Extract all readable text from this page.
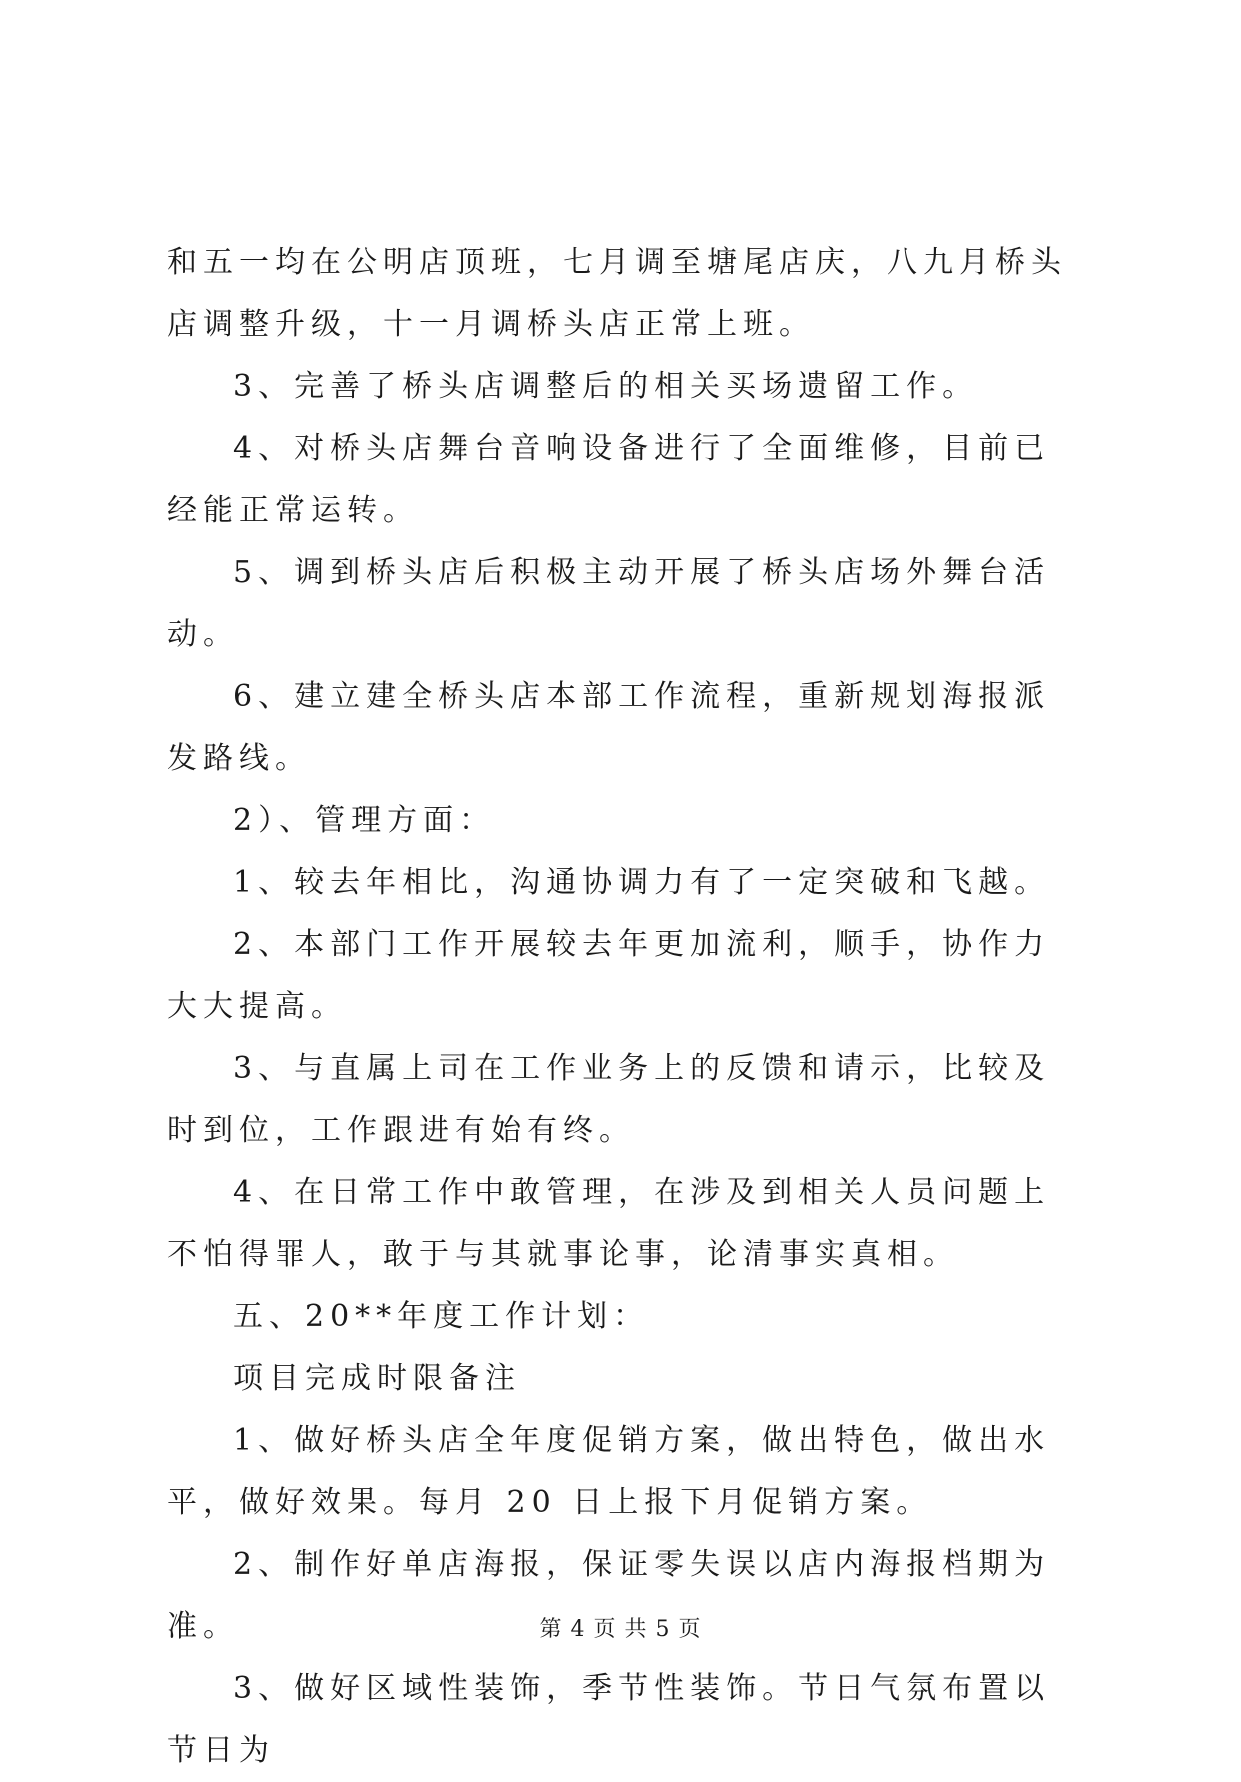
和五一均在公明店顶班，七月调至塘尾店庆，八九月桥头店调整升级，十一月调桥头店正常上班。

3、完善了桥头店调整后的相关买场遗留工作。

4、对桥头店舞台音响设备进行了全面维修，目前已经能正常运转。

5、调到桥头店后积极主动开展了桥头店场外舞台活动。

6、建立建全桥头店本部工作流程，重新规划海报派发路线。

2）、管理方面：

1、较去年相比，沟通协调力有了一定突破和飞越。

2、本部门工作开展较去年更加流利，顺手，协作力大大提高。

3、与直属上司在工作业务上的反馈和请示，比较及时到位，工作跟进有始有终。

4、在日常工作中敢管理，在涉及到相关人员问题上不怕得罪人，敢于与其就事论事，论清事实真相。

五、20**年度工作计划：

项目完成时限备注

1、做好桥头店全年度促销方案，做出特色，做出水平，做好效果。每月 20 日上报下月促销方案。

2、制作好单店海报，保证零失误以店内海报档期为准。

3、做好区域性装饰，季节性装饰。节日气氛布置以节日为

第 4 页 共 5 页
